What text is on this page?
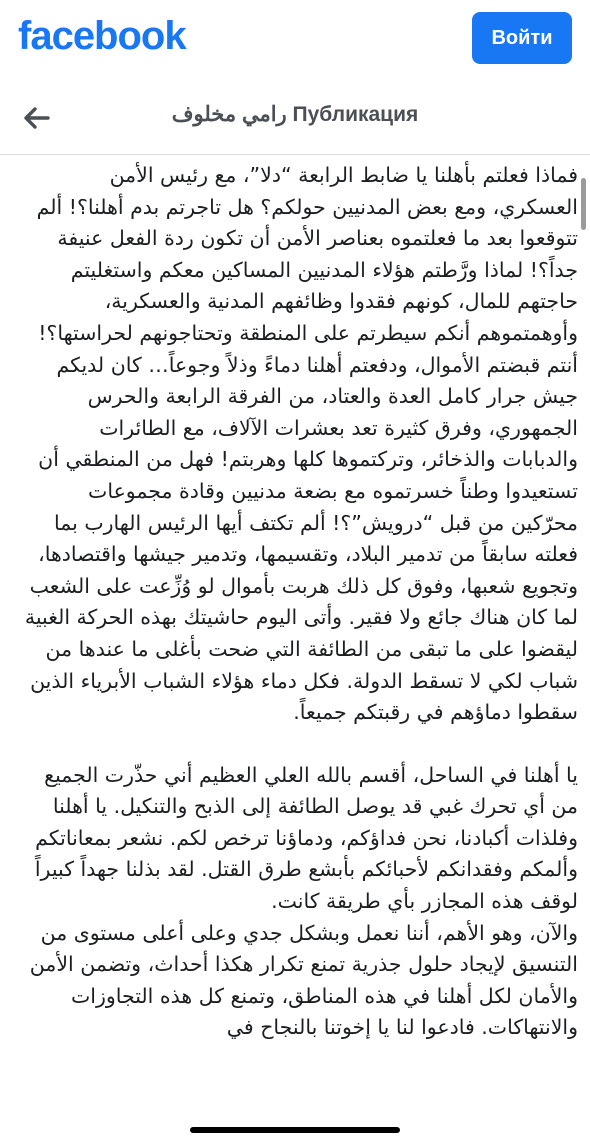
facebook	Войти
رامي مخلوف Публикация

فماذا فعلتم بأهلنا يا ضابط الرابعة “دلا”، مع رئيس الأمن العسكري، ومع بعض المدنيين حولكم؟ هل تاجرتم بدم أهلنا؟! ألم تتوقعوا بعد ما فعلتموه بعناصر الأمن أن تكون ردة الفعل عنيفة جداً؟! لماذا ورَّطتم هؤلاء المدنيين المساكين معكم واستغليتم حاجتهم للمال، كونهم فقدوا وظائفهم المدنية والعسكرية، وأوهمتموهم أنكم سيطرتم على المنطقة وتحتاجونهم لحراستها؟! أنتم قبضتم الأموال، ودفعتم أهلنا دماءً وذلاً وجوعاً… كان لديكم جيش جرار كامل العدة والعتاد، من الفرقة الرابعة والحرس الجمهوري، وفرق كثيرة تعد بعشرات الآلاف، مع الطائرات والدبابات والذخائر، وتركتموها كلها وهربتم! فهل من المنطقي أن تستعيدوا وطناً خسرتموه مع بضعة مدنيين وقادة مجموعات محرّكين من قبل “درويش”؟! ألم تكتف أيها الرئيس الهارب بما فعلته سابقاً من تدمير البلاد، وتقسيمها، وتدمير جيشها واقتصادها، وتجويع شعبها، وفوق كل ذلك هربت بأموال لو وُزِّعت على الشعب لما كان هناك جائع ولا فقير. وأتى اليوم حاشيتك بهذه الحركة الغبية ليقضوا على ما تبقى من الطائفة التي ضحت بأغلى ما عندها من شباب لكي لا تسقط الدولة. فكل دماء هؤلاء الشباب الأبرياء الذين سقطوا دماؤهم في رقبتكم جميعاً.

يا أهلنا في الساحل، أقسم بالله العلي العظيم أني حذّرت الجميع من أي تحرك غبي قد يوصل الطائفة إلى الذبح والتنكيل. يا أهلنا وفلذات أكبادنا، نحن فداؤكم، ودماؤنا ترخص لكم. نشعر بمعاناتكم وألمكم وفقدانكم لأحبائكم بأبشع طرق القتل. لقد بذلنا جهداً كبيراً لوقف هذه المجازر بأي طريقة كانت.

والآن، وهو الأهم، أننا نعمل وبشكل جدي وعلى أعلى مستوى من التنسيق لإيجاد حلول جذرية تمنع تكرار هكذا أحداث، وتضمن الأمن والأمان لكل أهلنا في هذه المناطق، وتمنع كل هذه التجاوزات والانتهاكات. فادعوا لنا يا إخوتنا بالنجاح في
